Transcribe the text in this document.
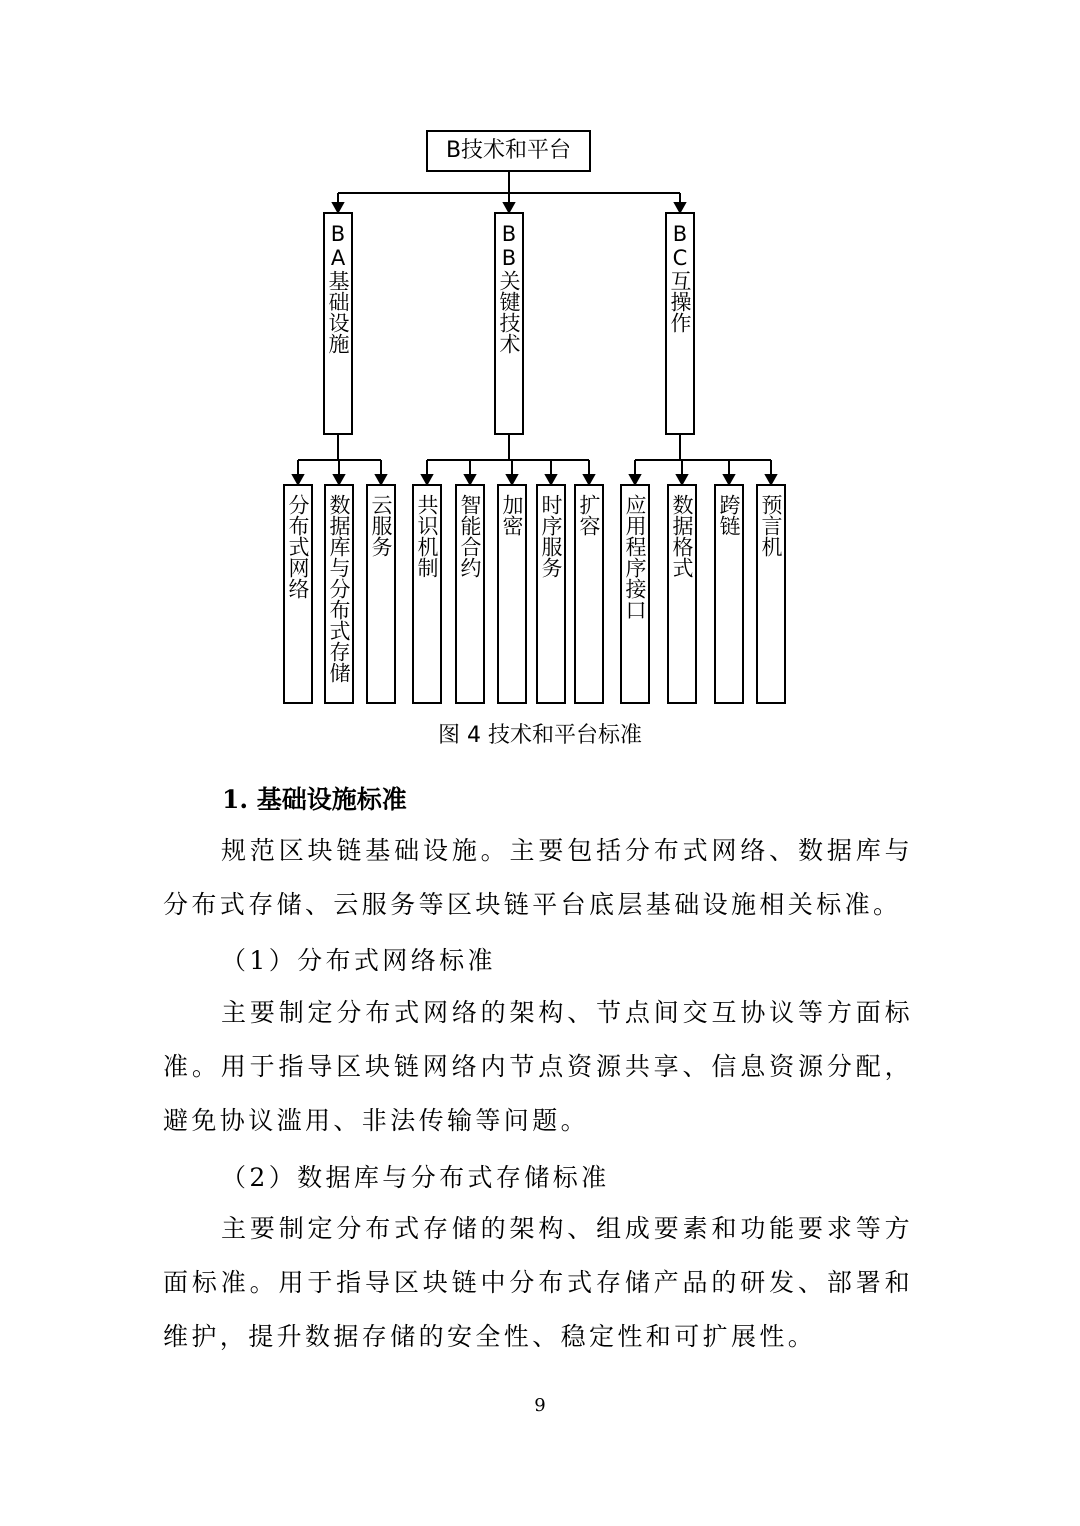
B技术和平台
BA基础设施	BB关键技术	BC互操作
分布式网络 数据库与分布式存储 云服务 共识机制 智能合约 加密 时序服务 扩容 应用程序接口 数据格式 跨链 预言机
图 4 技术和平台标准
1. 基础设施标准
规范区块链基础设施。主要包括分布式网络、数据库与分布式存储、云服务等区块链平台底层基础设施相关标准。
（1）分布式网络标准
主要制定分布式网络的架构、节点间交互协议等方面标准。用于指导区块链网络内节点资源共享、信息资源分配，避免协议滥用、非法传输等问题。
（2）数据库与分布式存储标准
主要制定分布式存储的架构、组成要素和功能要求等方面标准。用于指导区块链中分布式存储产品的研发、部署和维护，提升数据存储的安全性、稳定性和可扩展性。
9
